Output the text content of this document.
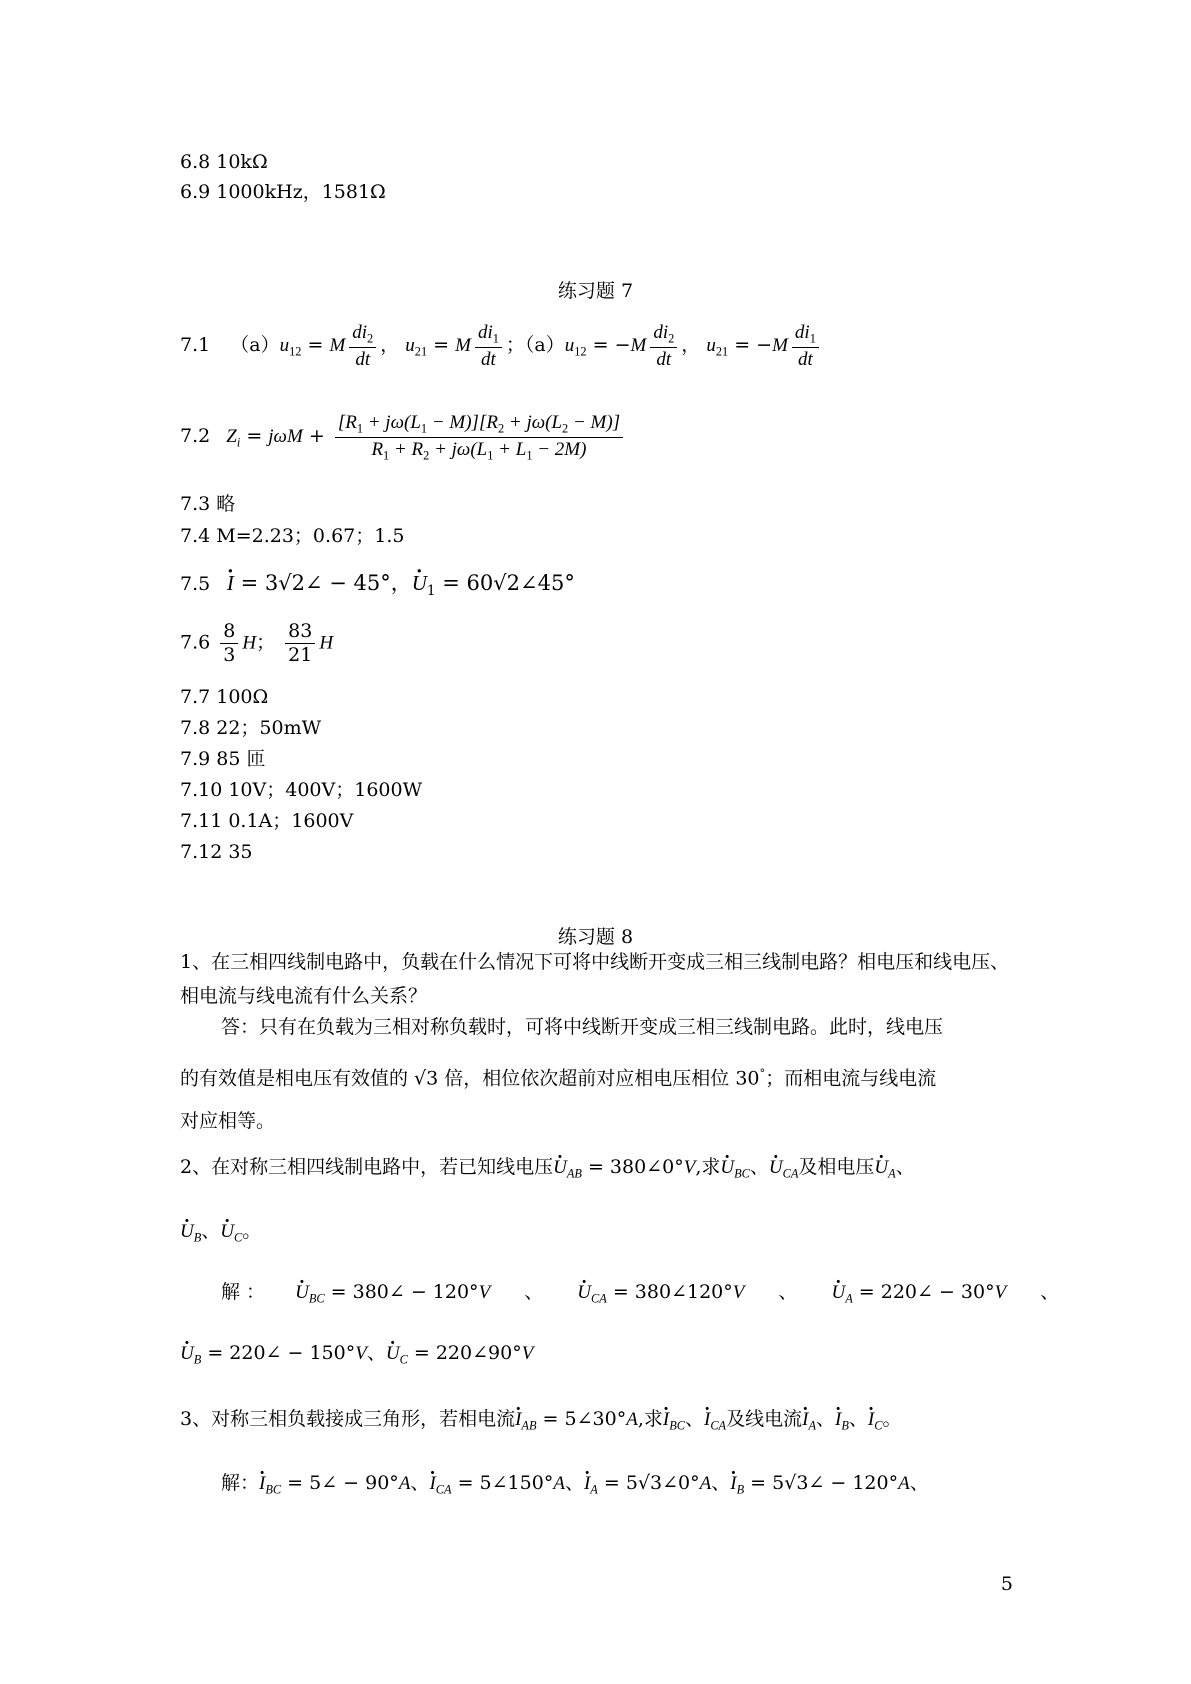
6.8 10kΩ
6.9 1000kHz，1581Ω
练习题 7
7.1 $(a)u_{12} = M \frac{di_2}{dt}$ ， $u_{21} = M \frac{di_1}{dt}$ ；$(a)u_{12} = -M \frac{di_2}{dt}$ ， $u_{21} = -M \frac{di_1}{dt}$
7.2 $Z_i = j\omega M + \frac{[R_1 + j\omega(L_1 - M)][R_2 + j\omega(L_2 - M)]}{R_1 + R_2 + j\omega(L_1 + L_1 - 2M)}$
7.3 略
7.4 M=2.23；0.67；1.5
7.5 · I = 3√2∠ − 45°，· $U_1$ = 60√2∠45°
$7.6 \frac{8}{3}$ H； $\frac{83}{21}$ H
7.7 100Ω
7.8 22；50mW
7.9 85 匝
7.10 10V；400V；1600W
7.11 0.1A；1600V
7.12 35
练习题 8
1、在三相四线制电路中，负载在什么情况下可将中线断开变成三相三线制电路？相电压和线电压、相电流与线电流有什么关系？
答：只有在负载为三相对称负载时，可将中线断开变成三相三线制电路。此时，线电压
的有效值是相电压有效值的 √3 倍，相位依次超前对应相电压相位 30°；而相电流与线电流
对应相等。
2、在对称三相四线制电路中，若已知线电压· $U_{AB}$ = 380∠0°V,求· $U_{BC}$、· $U_{CA}$及相电压· $U_A$、
· $U_B$、· $U_C$。
解 ： · $U_{BC}$ = 380∠ − 120°V 、 · $U_{CA}$ = 380∠120°V 、 · $U_A$ = 220∠ − 30°V 、
· $U_B$ = 220∠ − 150°V、· $U_C$ = 220∠90°V
3、对称三相负载接成三角形，若相电流· $I_{AB}$ = 5∠30°A,求· $I_{BC}$、· $I_{CA}$及线电流· $I_A$、· $I_B$、· $I_C$。
解：· $I_{BC}$ = 5∠ − 90°A、· $I_{CA}$ = 5∠150°A、· $I_A$ = 5√3∠0°A、· $I_B$ = 5√3∠ − 120°A、
5
